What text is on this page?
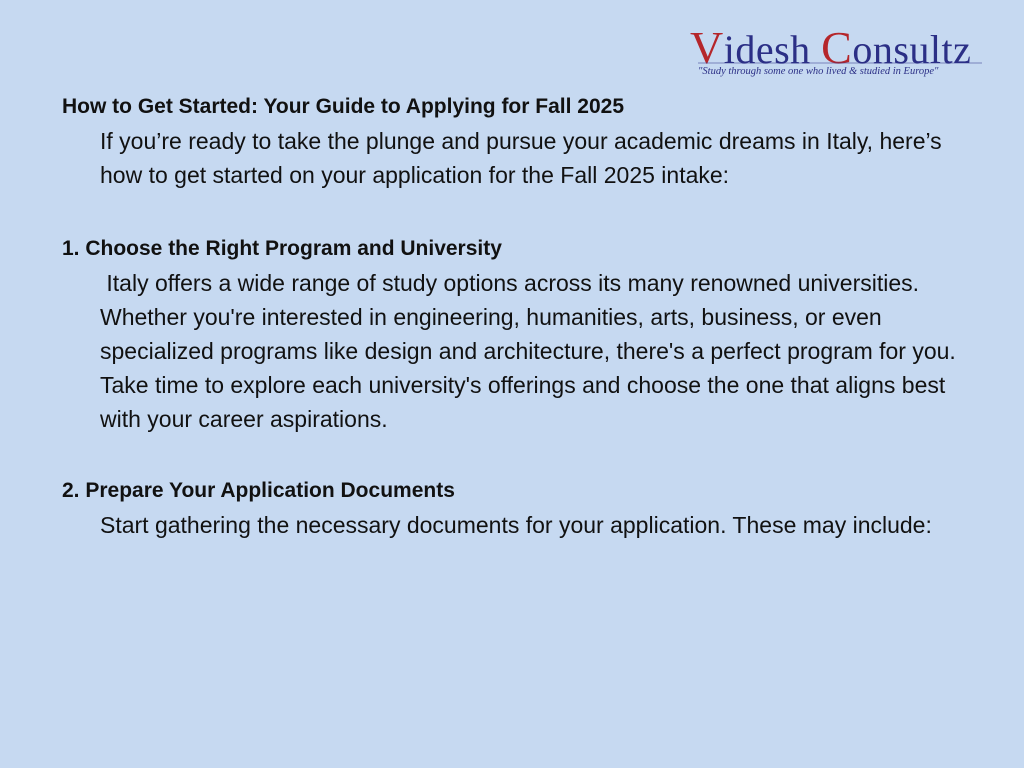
Videsh Consultz
"Study through some one who lived & studied in Europe"
How to Get Started: Your Guide to Applying for Fall 2025

If you’re ready to take the plunge and pursue your academic dreams in Italy, here’s how to get started on your application for the Fall 2025 intake:

1. Choose the Right Program and University

Italy offers a wide range of study options across its many renowned universities. Whether you're interested in engineering, humanities, arts, business, or even specialized programs like design and architecture, there's a perfect program for you. Take time to explore each university's offerings and choose the one that aligns best with your career aspirations.

2. Prepare Your Application Documents

Start gathering the necessary documents for your application. These may include:
